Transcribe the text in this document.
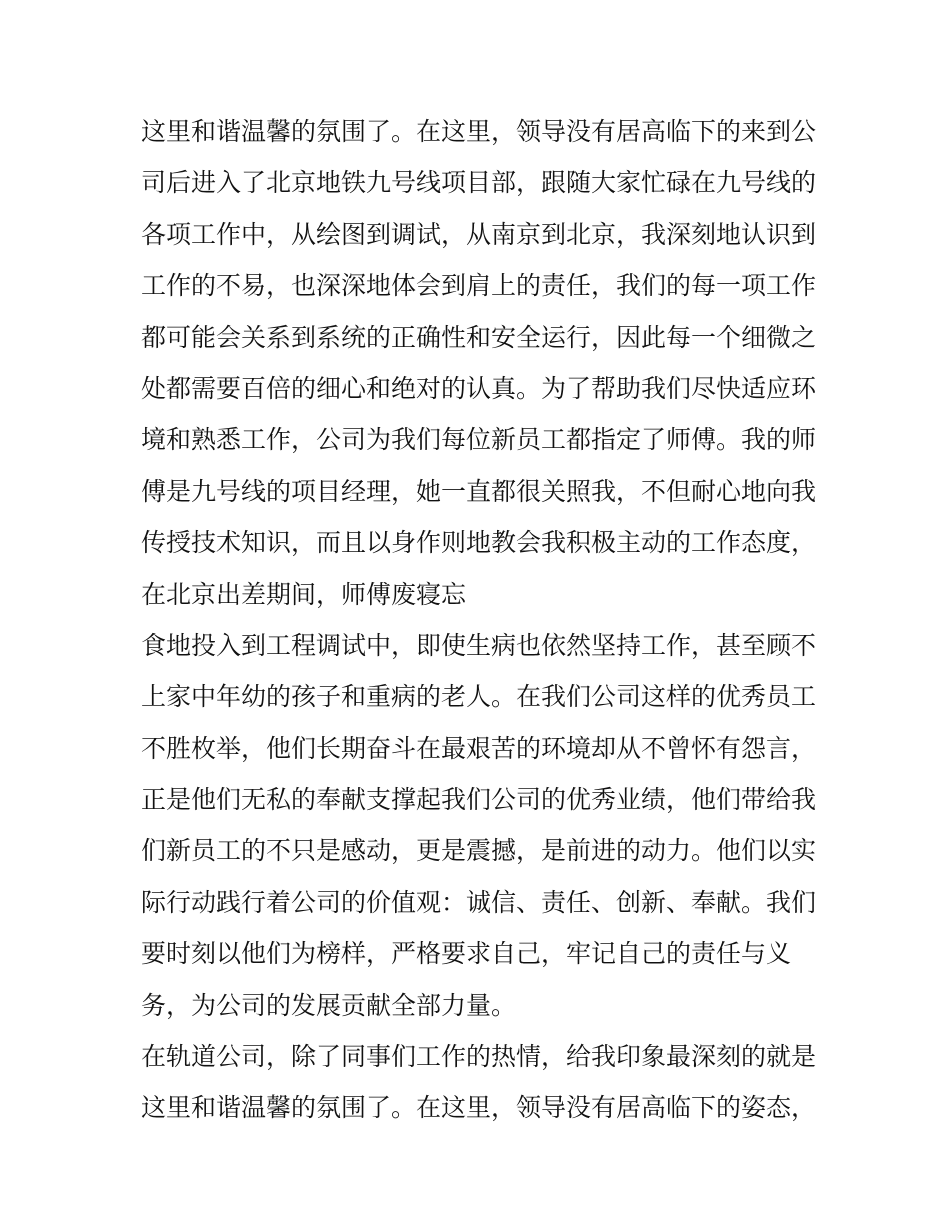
这里和谐温馨的氛围了。在这里，领导没有居高临下的来到公
司后进入了北京地铁九号线项目部，跟随大家忙碌在九号线的
各项工作中，从绘图到调试，从南京到北京，我深刻地认识到
工作的不易，也深深地体会到肩上的责任，我们的每一项工作
都可能会关系到系统的正确性和安全运行，因此每一个细微之
处都需要百倍的细心和绝对的认真。为了帮助我们尽快适应环
境和熟悉工作，公司为我们每位新员工都指定了师傅。我的师
傅是九号线的项目经理，她一直都很关照我，不但耐心地向我
传授技术知识，而且以身作则地教会我积极主动的工作态度，
在北京出差期间，师傅废寝忘
食地投入到工程调试中，即使生病也依然坚持工作，甚至顾不
上家中年幼的孩子和重病的老人。在我们公司这样的优秀员工
不胜枚举，他们长期奋斗在最艰苦的环境却从不曾怀有怨言，
正是他们无私的奉献支撑起我们公司的优秀业绩，他们带给我
们新员工的不只是感动，更是震撼，是前进的动力。他们以实
际行动践行着公司的价值观：诚信、责任、创新、奉献。我们
要时刻以他们为榜样，严格要求自己，牢记自己的责任与义
务，为公司的发展贡献全部力量。
在轨道公司，除了同事们工作的热情，给我印象最深刻的就是
这里和谐温馨的氛围了。在这里，领导没有居高临下的姿态，
